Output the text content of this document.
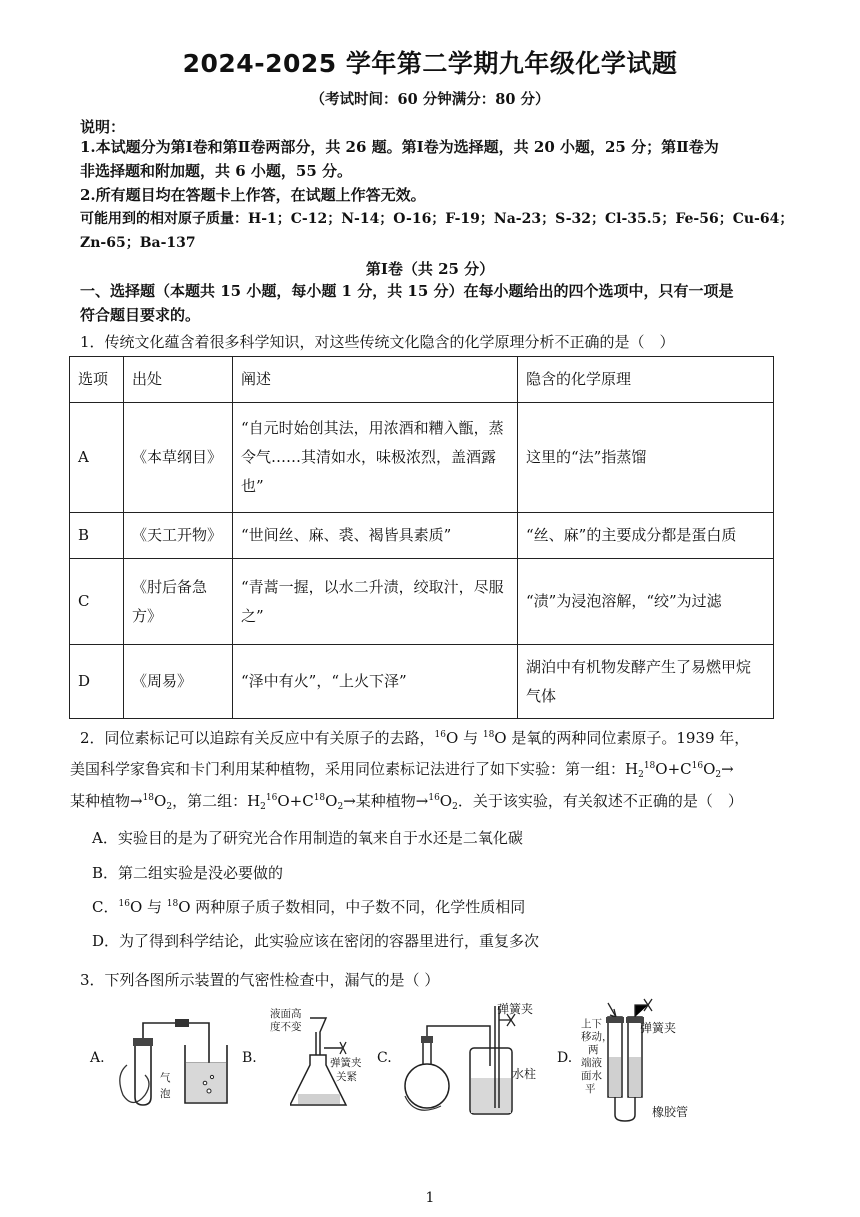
2024-2025 学年第二学期九年级化学试题
（考试时间：60 分钟满分：80 分）
说明：
1.本试题分为第Ⅰ卷和第Ⅱ卷两部分，共 26 题。第Ⅰ卷为选择题，共 20 小题，25 分；第Ⅱ卷为
非选择题和附加题，共 6 小题，55 分。
2.所有题目均在答题卡上作答，在试题上作答无效。
可能用到的相对原子质量：H-1；C-12；N-14；O-16；F-19；Na-23；S-32；Cl-35.5；Fe-56；Cu-64；
Zn-65；Ba-137
第Ⅰ卷（共 25 分）
一、选择题（本题共 15 小题，每小题 1 分，共 15 分）在每小题给出的四个选项中，只有一项是
符合题目要求的。
1．传统文化蕴含着很多科学知识，对这些传统文化隐含的化学原理分析不正确的是（　）
选项	出处	阐述	隐含的化学原理
A	《本草纲目》	“自元时始创其法，用浓酒和糟入甑，蒸令气……其清如水，味极浓烈，盖酒露也”	这里的“法”指蒸馏
B	《天工开物》	“世间丝、麻、裘、褐皆具素质”	“丝、麻”的主要成分都是蛋白质
C	《肘后备急方》	“青蒿一握，以水二升渍，绞取汁，尽服之”	“渍”为浸泡溶解，“绞”为过滤
D	《周易》	“泽中有火”，“上火下泽”	湖泊中有机物发酵产生了易燃甲烷气体
2．同位素标记可以追踪有关反应中有关原子的去路，$^{16}$O 与 $^{18}$O 是氧的两种同位素原子。1939 年，
美国科学家鲁宾和卡门利用某种植物，采用同位素标记法进行了如下实验：第一组：$H_2^{18}O+C^{16}O_2\to$
某种植物$\to^{18}O_2$，第二组：$H_2^{16}O+C^{18}O_2\to$某种植物$\to^{16}O_2$．关于该实验，有关叙述不正确的是（　）
A．实验目的是为了研究光合作用制造的氧来自于水还是二氧化碳
B．第二组实验是没必要做的
C．$^{16}$O 与 $^{18}$O 两种原子质子数相同，中子数不同，化学性质相同
D．为了得到科学结论，此实验应该在密闭的容器里进行，重复多次
3．下列各图所示装置的气密性检查中，漏气的是（ ）
A.
气
泡
B.
液面高
度不变
弹簧夹
关紧
C.
弹簧夹
水柱
D.
上下
移动，
两
端液
面水
平
弹簧夹
橡胶管
1
